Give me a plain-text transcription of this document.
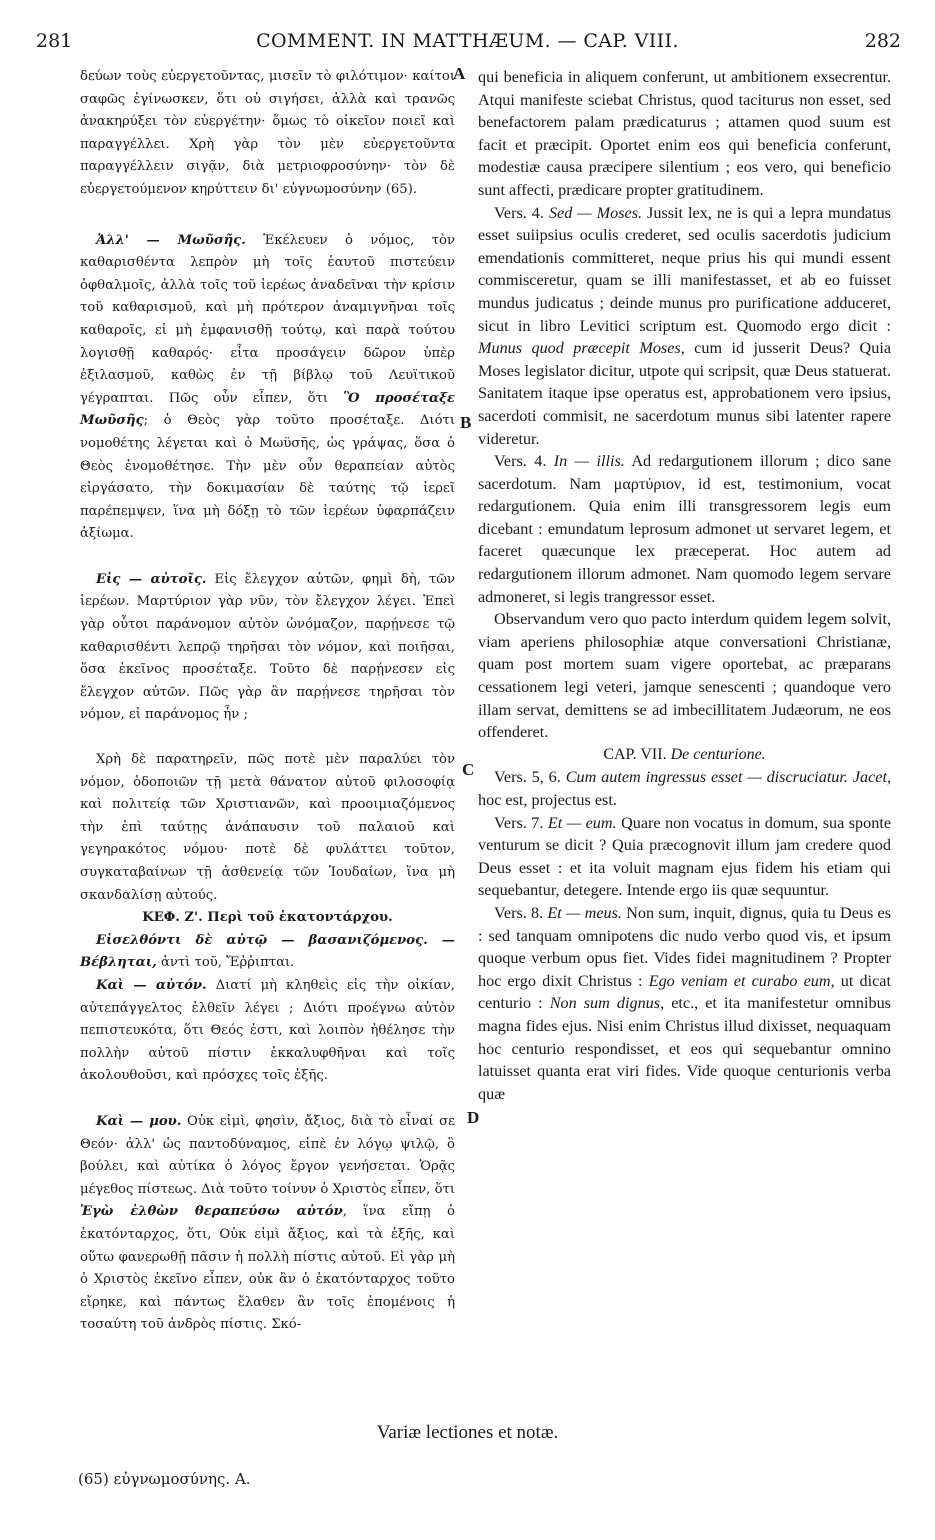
281	COMMENT. IN MATTHÆUM. — CAP. VIII.	282
A
B
C
D

δεύων τοὺς εὐεργετοῦντας, μισεῖν τὸ φιλότιμον· καίτοι σαφῶς ἐγίνωσκεν, ὅτι οὐ σιγήσει, ἀλλὰ καὶ τρανῶς ἀνακηρύξει τὸν εὐεργέτην· ὅμως τὸ οἰκεῖον ποιεῖ καὶ παραγγέλλει. Χρὴ γὰρ τὸν μὲν εὐεργετοῦντα παραγγέλλειν σιγᾷν, διὰ μετριοφροσύνην· τὸν δὲ εὐεργετούμενον κηρύττειν δι' εὐγνωμοσύνην (65).

Ἀλλ' — Μωῦσῆς. Ἐκέλευεν ὁ νόμος, τὸν καθαρισθέντα λεπρὸν μὴ τοῖς ἑαυτοῦ πιστεύειν ὀφθαλμοῖς, ἀλλὰ τοῖς τοῦ ἱερέως ἀναδεῖναι τὴν κρίσιν τοῦ καθαρισμοῦ, καὶ μὴ πρότερον ἀναμιγνῆναι τοῖς καθαροῖς, εἰ μὴ ἐμφανισθῇ τούτῳ, καὶ παρὰ τούτου λογισθῇ καθαρός· εἶτα προσάγειν δῶρον ὑπὲρ ἐξιλασμοῦ, καθὼς ἐν τῇ βίβλῳ τοῦ Λευϊτικοῦ γέγραπται. Πῶς οὖν εἶπεν, ὅτι Ὃ προσέταξε Μωῦσῆς; ὁ Θεὸς γὰρ τοῦτο προσέταξε. Διότι νομοθέτης λέγεται καὶ ὁ Μωϋσῆς, ὡς γράψας, ὅσα ὁ Θεὸς ἐνομοθέτησε. Τὴν μὲν οὖν θεραπείαν αὐτὸς εἰργάσατο, τὴν δοκιμασίαν δὲ ταύτης τῷ ἱερεῖ παρέπεμψεν, ἵνα μὴ δόξῃ τὸ τῶν ἱερέων ὑφαρπάζειν ἀξίωμα.

Εἰς — αὐτοῖς. Εἰς ἔλεγχον αὐτῶν, φημὶ δὴ, τῶν ἱερέων. Μαρτύριον γὰρ νῦν, τὸν ἔλεγχον λέγει. Ἐπεὶ γὰρ οὗτοι παράνομον αὐτὸν ὠνόμαζον, παρῄνεσε τῷ καθαρισθέντι λεπρῷ τηρῆσαι τὸν νόμον, καὶ ποιῆσαι, ὅσα ἐκεῖνος προσέταξε. Τοῦτο δὲ παρῄνεσεν εἰς ἔλεγχον αὐτῶν. Πῶς γὰρ ἂν παρῄνεσε τηρῆσαι τὸν νόμον, εἰ παράνομος ἦν ;

Χρὴ δὲ παρατηρεῖν, πῶς ποτὲ μὲν παραλύει τὸν νόμον, ὁδοποιῶν τῇ μετὰ θάνατον αὐτοῦ φιλοσοφίᾳ καὶ πολιτείᾳ τῶν Χριστιανῶν, καὶ προοιμιαζόμενος τὴν ἐπὶ ταύτῃς ἀνάπαυσιν τοῦ παλαιοῦ καὶ γεγηρακότος νόμου· ποτὲ δὲ φυλάττει τοῦτον, συγκαταβαίνων τῇ ἀσθενείᾳ τῶν Ἰουδαίων, ἵνα μὴ σκανδαλίσῃ αὐτούς.

ΚΕΦ. Ζ'. Περὶ τοῦ ἑκατοντάρχου.

Εἰσελθόντι δὲ αὐτῷ — βασανιζόμενος. — Βέβληται, ἀντὶ τοῦ, Ἔῤῥιπται.

Καὶ — αὐτόν. Διατί μὴ κληθεὶς εἰς τὴν οἰκίαν, αὐτεπάγγελτος ἐλθεῖν λέγει ; Διότι προέγνω αὐτὸν πεπιστευκότα, ὅτι Θεός ἐστι, καὶ λοιπὸν ἠθέλησε τὴν πολλὴν αὐτοῦ πίστιν ἐκκαλυφθῆναι καὶ τοῖς ἀκολουθοῦσι, καὶ πρόσχες τοῖς ἑξῆς.

Καὶ — μου. Οὐκ εἰμὶ, φησὶν, ἄξιος, διὰ τὸ εἶναί σε Θεόν· ἀλλ' ὡς παντοδύναμος, εἰπὲ ἐν λόγῳ ψιλῷ, ὃ βούλει, καὶ αὐτίκα ὁ λόγος ἔργον γενήσεται. Ὁρᾷς μέγεθος πίστεως. Διὰ τοῦτο τοίνυν ὁ Χριστὸς εἶπεν, ὅτι Ἐγὼ ἐλθὼν θεραπεύσω αὐτόν, ἵνα εἴπῃ ὁ ἑκατόνταρχος, ὅτι, Οὐκ εἰμὶ ἄξιος, καὶ τὰ ἑξῆς, καὶ οὕτω φανερωθῇ πᾶσιν ἡ πολλὴ πίστις αὐτοῦ. Εἰ γὰρ μὴ ὁ Χριστὸς ἐκεῖνο εἶπεν, οὐκ ἂν ὁ ἑκατόνταρχος τοῦτο εἴρηκε, καὶ πάντως ἔλαθεν ἂν τοῖς ἑπομένοις ἡ τοσαύτη τοῦ ἀνδρὸς πίστις. Σκό-

qui beneficia in aliquem conferunt, ut ambitionem exsecrentur. Atqui manifeste sciebat Christus, quod taciturus non esset, sed benefactorem palam prædicaturus ; attamen quod suum est facit et præcipit. Oportet enim eos qui beneficia conferunt, modestiæ causa præcipere silentium ; eos vero, qui beneficio sunt affecti, prædicare propter gratitudinem.

Vers. 4. Sed — Moses. Jussit lex, ne is qui a lepra mundatus esset suiipsius oculis crederet, sed oculis sacerdotis judicium emendationis committeret, neque prius his qui mundi essent commisceretur, quam se illi manifestasset, et ab eo fuisset mundus judicatus ; deinde munus pro purificatione adduceret, sicut in libro Levitici scriptum est. Quomodo ergo dicit : Munus quod præcepit Moses, cum id jusserit Deus? Quia Moses legislator dicitur, utpote qui scripsit, quæ Deus statuerat. Sanitatem itaque ipse operatus est, approbationem vero ipsius, sacerdoti commisit, ne sacerdotum munus sibi latenter rapere videretur.

Vers. 4. In — illis. Ad redargutionem illorum ; dico sane sacerdotum. Nam μαρτύριον, id est, testimonium, vocat redargutionem. Quia enim illi transgressorem legis eum dicebant : emundatum leprosum admonet ut servaret legem, et faceret quæcunque lex præceperat. Hoc autem ad redargutionem illorum admonet. Nam quomodo legem servare admoneret, si legis trangressor esset.

Observandum vero quo pacto interdum quidem legem solvit, viam aperiens philosophiæ atque conversationi Christianæ, quam post mortem suam vigere oportebat, ac præparans cessationem legi veteri, jamque senescenti ; quandoque vero illam servat, demittens se ad imbecillitatem Judæorum, ne eos offenderet.

CAP. VII. De centurione.

Vers. 5, 6. Cum autem ingressus esset — discruciatur. Jacet, hoc est, projectus est.

Vers. 7. Et — eum. Quare non vocatus in domum, sua sponte venturum se dicit ? Quia præcognovit illum jam credere quod Deus esset : et ita voluit magnam ejus fidem his etiam qui sequebantur, detegere. Intende ergo iis quæ sequuntur.

Vers. 8. Et — meus. Non sum, inquit, dignus, quia tu Deus es : sed tanquam omnipotens dic nudo verbo quod vis, et ipsum quoque verbum opus fiet. Vides fidei magnitudinem ? Propter hoc ergo dixit Christus : Ego veniam et curabo eum, ut dicat centurio : Non sum dignus, etc., et ita manifestetur omnibus magna fides ejus. Nisi enim Christus illud dixisset, nequaquam hoc centurio respondisset, et eos qui sequebantur omnino latuisset quanta erat viri fides. Vide quoque centurionis verba quæ

Variæ lectiones et notæ.
(65) εὐγνωμοσύνης. A.
